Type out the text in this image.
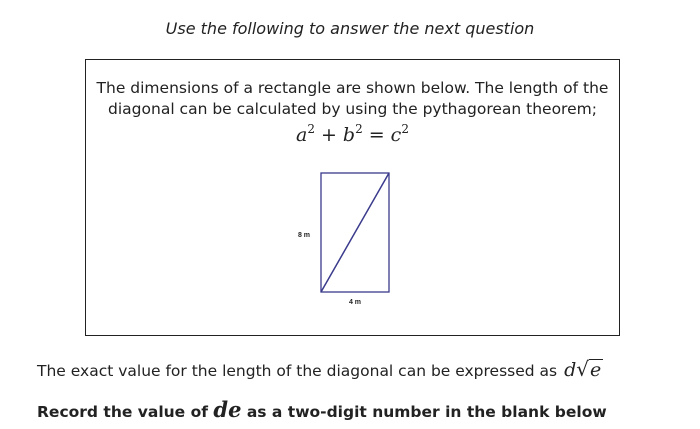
Use the following to answer the next question
The dimensions of a rectangle are shown below. The length of the diagonal can be calculated by using the pythagorean theorem;
$a^2 + b^2 = c^2$
8 m
4 m
The exact value for the length of the diagonal can be expressed as d√e
Record the value of de as a two-digit number in the blank below
